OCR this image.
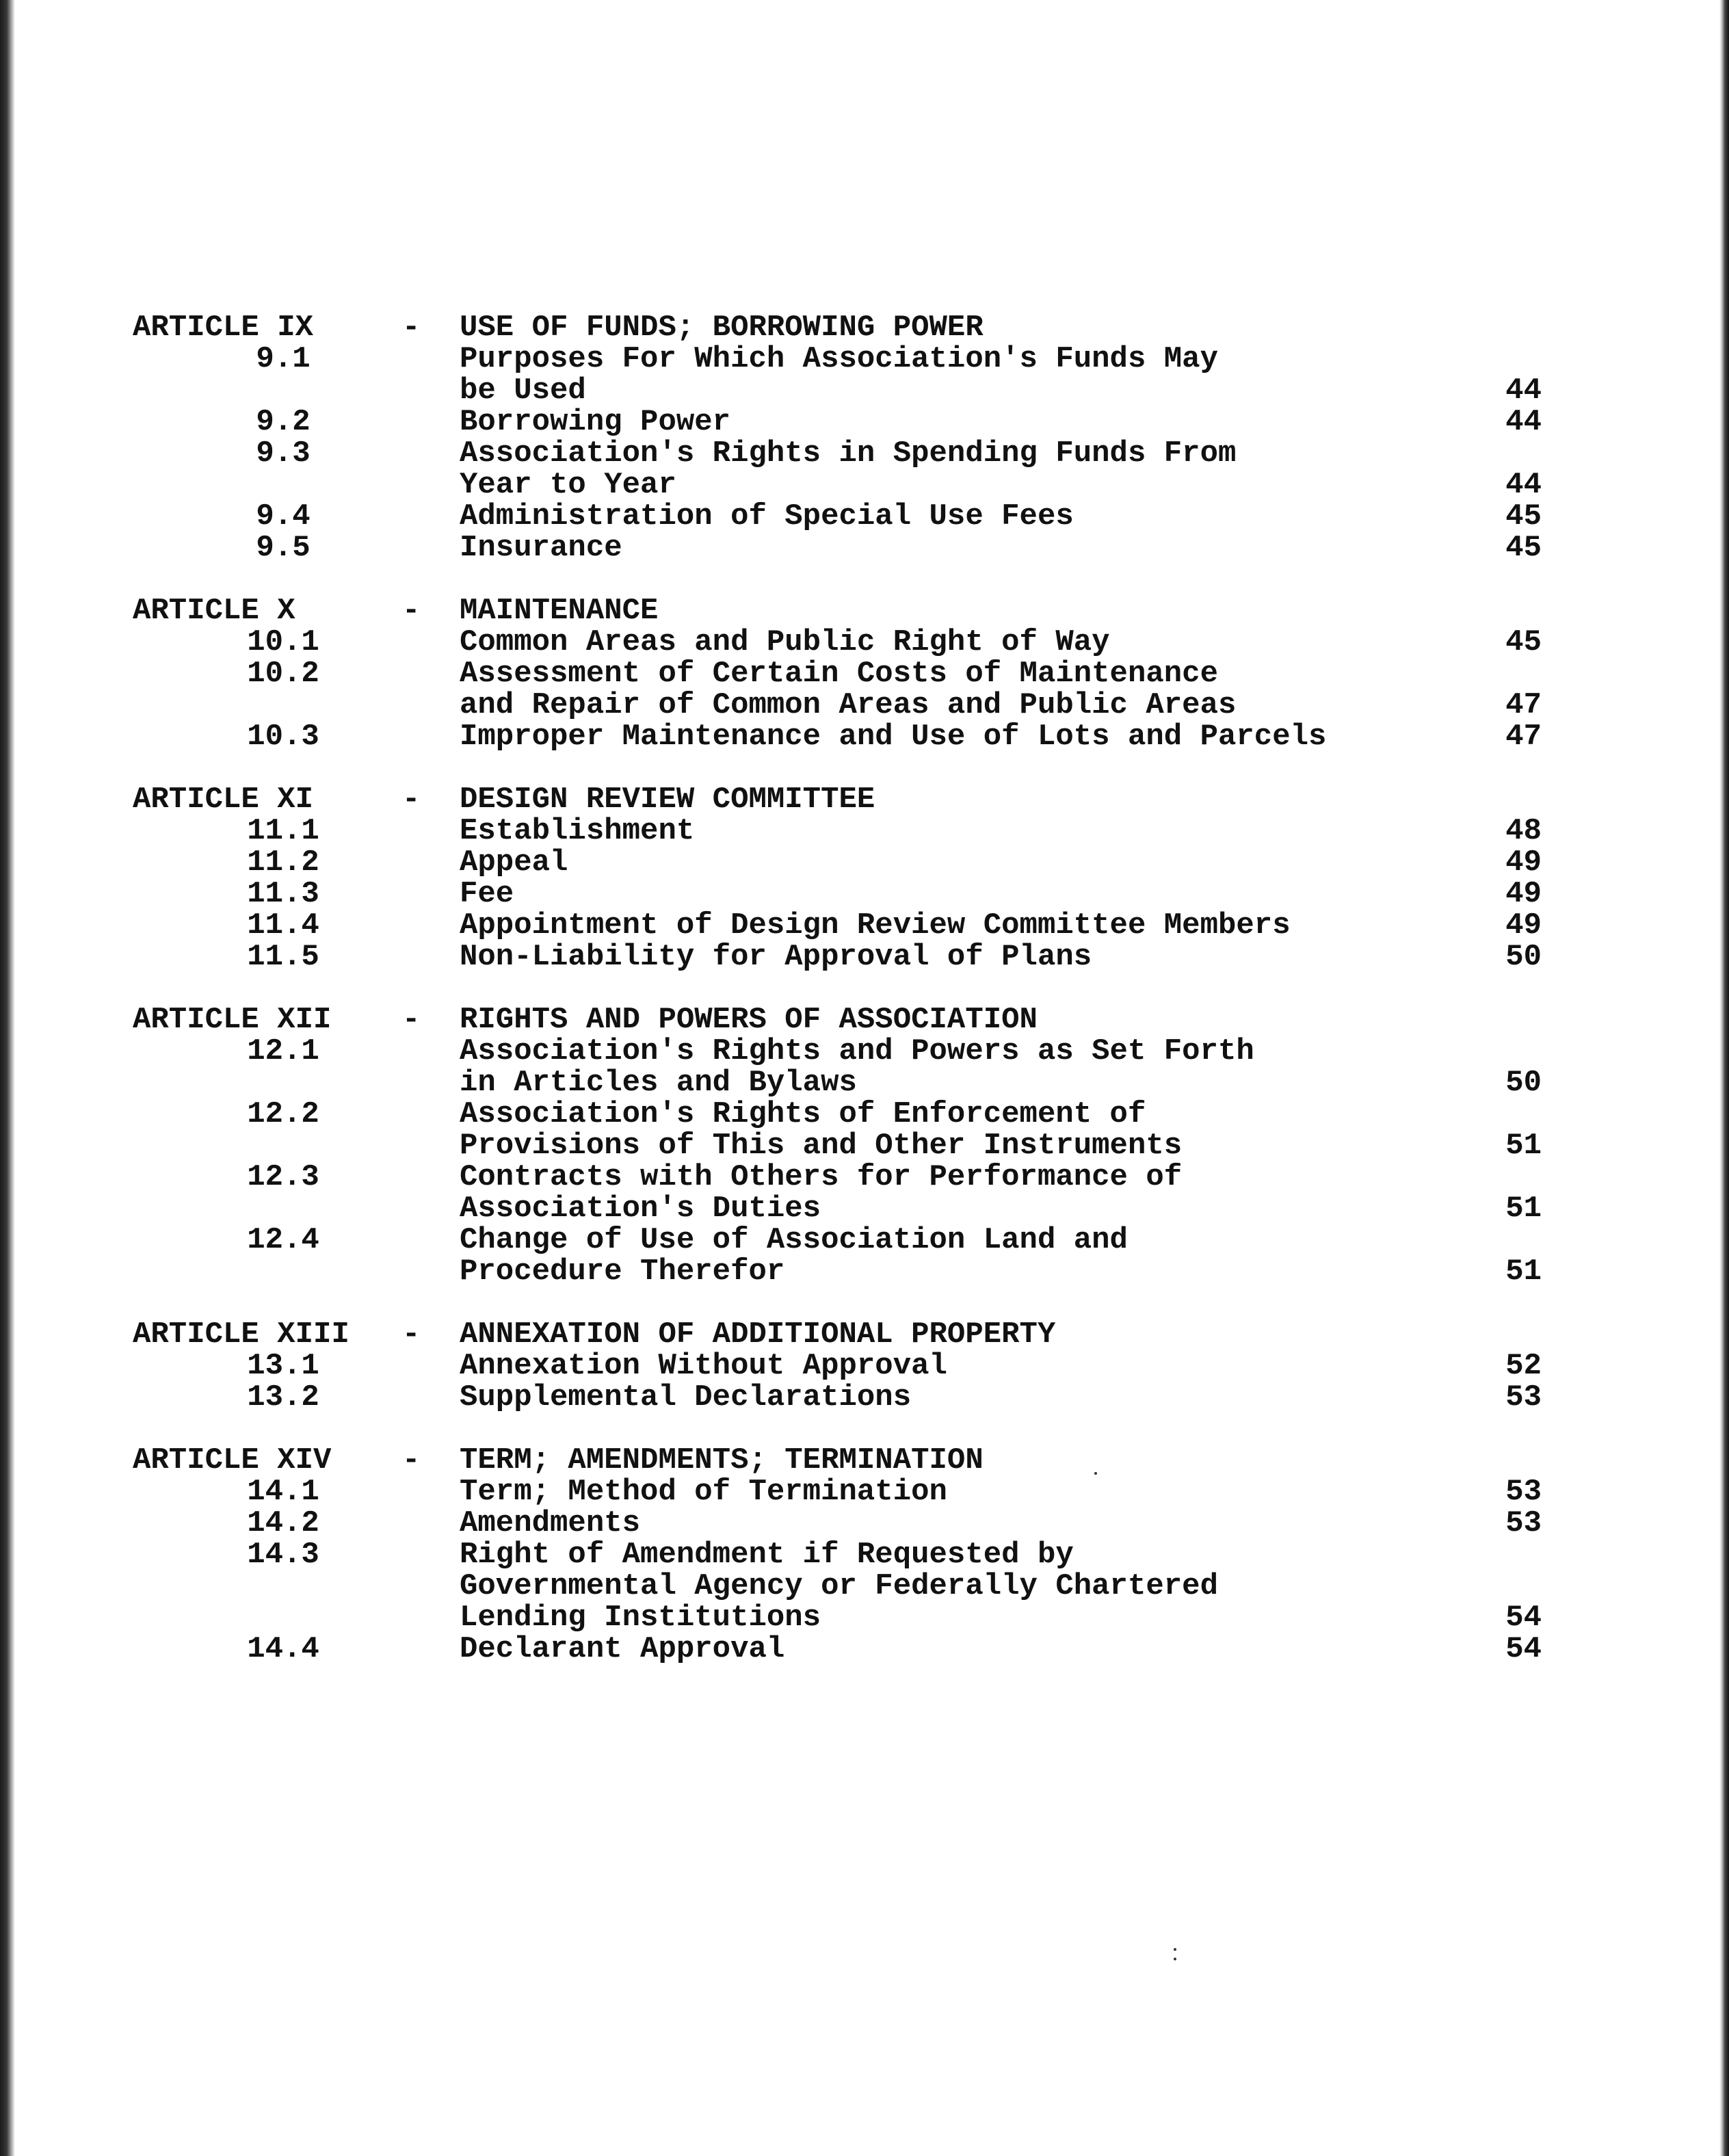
ARTICLE IX	- USE OF FUNDS; BORROWING POWER
9.1	Purposes For Which Association's Funds May
be Used	44
9.2	Borrowing Power	44
9.3	Association's Rights in Spending Funds From
Year to Year	44
9.4	Administration of Special Use Fees	45
9.5	Insurance	45
ARTICLE X	- MAINTENANCE
10.1	Common Areas and Public Right of Way	45
10.2	Assessment of Certain Costs of Maintenance
and Repair of Common Areas and Public Areas	47
10.3	Improper Maintenance and Use of Lots and Parcels	47
ARTICLE XI	- DESIGN REVIEW COMMITTEE
11.1	Establishment	48
11.2	Appeal	49
11.3	Fee	49
11.4	Appointment of Design Review Committee Members	49
11.5	Non-Liability for Approval of Plans	50
ARTICLE XII - RIGHTS AND POWERS OF ASSOCIATION
12.1	Association's Rights and Powers as Set Forth
in Articles and Bylaws	50
12.2	Association's Rights of Enforcement of
Provisions of This and Other Instruments	51
12.3	Contracts with Others for Performance of
Association's Duties	51
12.4	Change of Use of Association Land and
Procedure Therefor	51
ARTICLE XIII - ANNEXATION OF ADDITIONAL PROPERTY
13.1	Annexation Without Approval	52
13.2	Supplemental Declarations	53
ARTICLE XIV - TERM; AMENDMENTS; TERMINATION
14.1	Term; Method of Termination	53
14.2	Amendments	53
14.3	Right of Amendment if Requested by
Governmental Agency or Federally Chartered
Lending Institutions	54
14.4	Declarant Approval	54
